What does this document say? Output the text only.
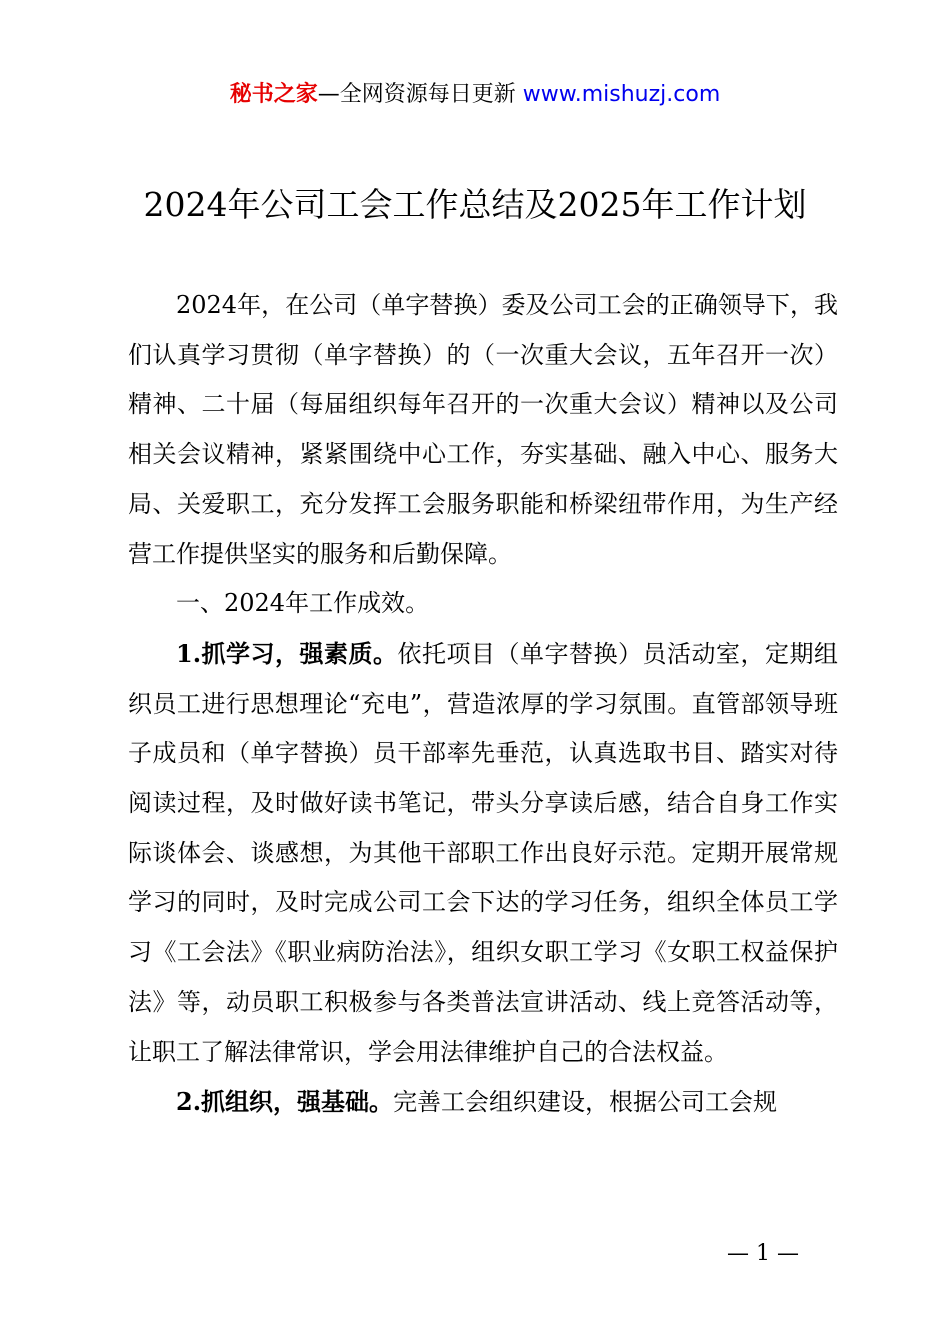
秘书之家—全网资源每日更新 www.mishuzj.com
2024年公司工会工作总结及2025年工作计划

2024年，在公司（单字替换）委及公司工会的正确领导下，我们认真学习贯彻（单字替换）的（一次重大会议，五年召开一次）精神、二十届（每届组织每年召开的一次重大会议）精神以及公司相关会议精神，紧紧围绕中心工作，夯实基础、融入中心、服务大局、关爱职工，充分发挥工会服务职能和桥梁纽带作用，为生产经营工作提供坚实的服务和后勤保障。

一、2024年工作成效。

1.抓学习，强素质。依托项目（单字替换）员活动室，定期组织员工进行思想理论“充电”，营造浓厚的学习氛围。直管部领导班子成员和（单字替换）员干部率先垂范，认真选取书目、踏实对待阅读过程，及时做好读书笔记，带头分享读后感，结合自身工作实际谈体会、谈感想，为其他干部职工作出良好示范。定期开展常规学习的同时，及时完成公司工会下达的学习任务，组织全体员工学习《工会法》《职业病防治法》，组织女职工学习《女职工权益保护法》等，动员职工积极参与各类普法宣讲活动、线上竞答活动等，让职工了解法律常识，学会用法律维护自己的合法权益。

2.抓组织，强基础。完善工会组织建设，根据公司工会规

— 1 —
